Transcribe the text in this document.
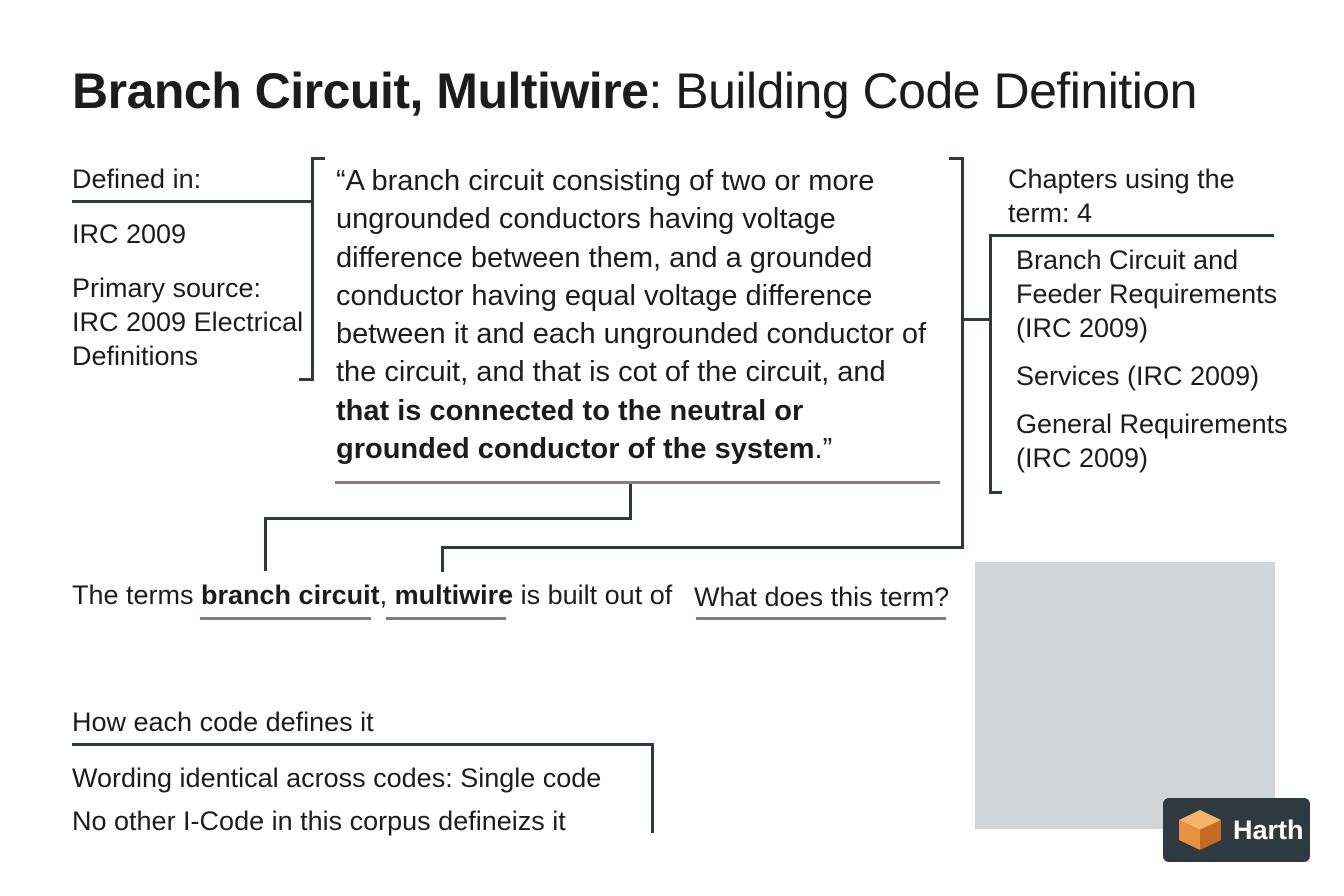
Branch Circuit, Multiwire: Building Code Definition
Defined in:
IRC 2009
Primary source:
IRC 2009 Electrical
Definitions
“A branch circuit consisting of two or more ungrounded conductors having voltage difference between them, and a grounded conductor having equal voltage difference between it and each ungrounded conductor of the circuit, and that is cot of the circuit, and that is connected to the neutral or grounded conductor of the system.”
Chapters using the
term: 4
Branch Circuit and Feeder Requirements (IRC 2009)
Services (IRC 2009)
General Requirements (IRC 2009)
The terms branch circuit, multiwire is built out of What does this term?
How each code defines it
Wording identical across codes: Single code
No other I-Code in this corpus defineizs it	Harth
